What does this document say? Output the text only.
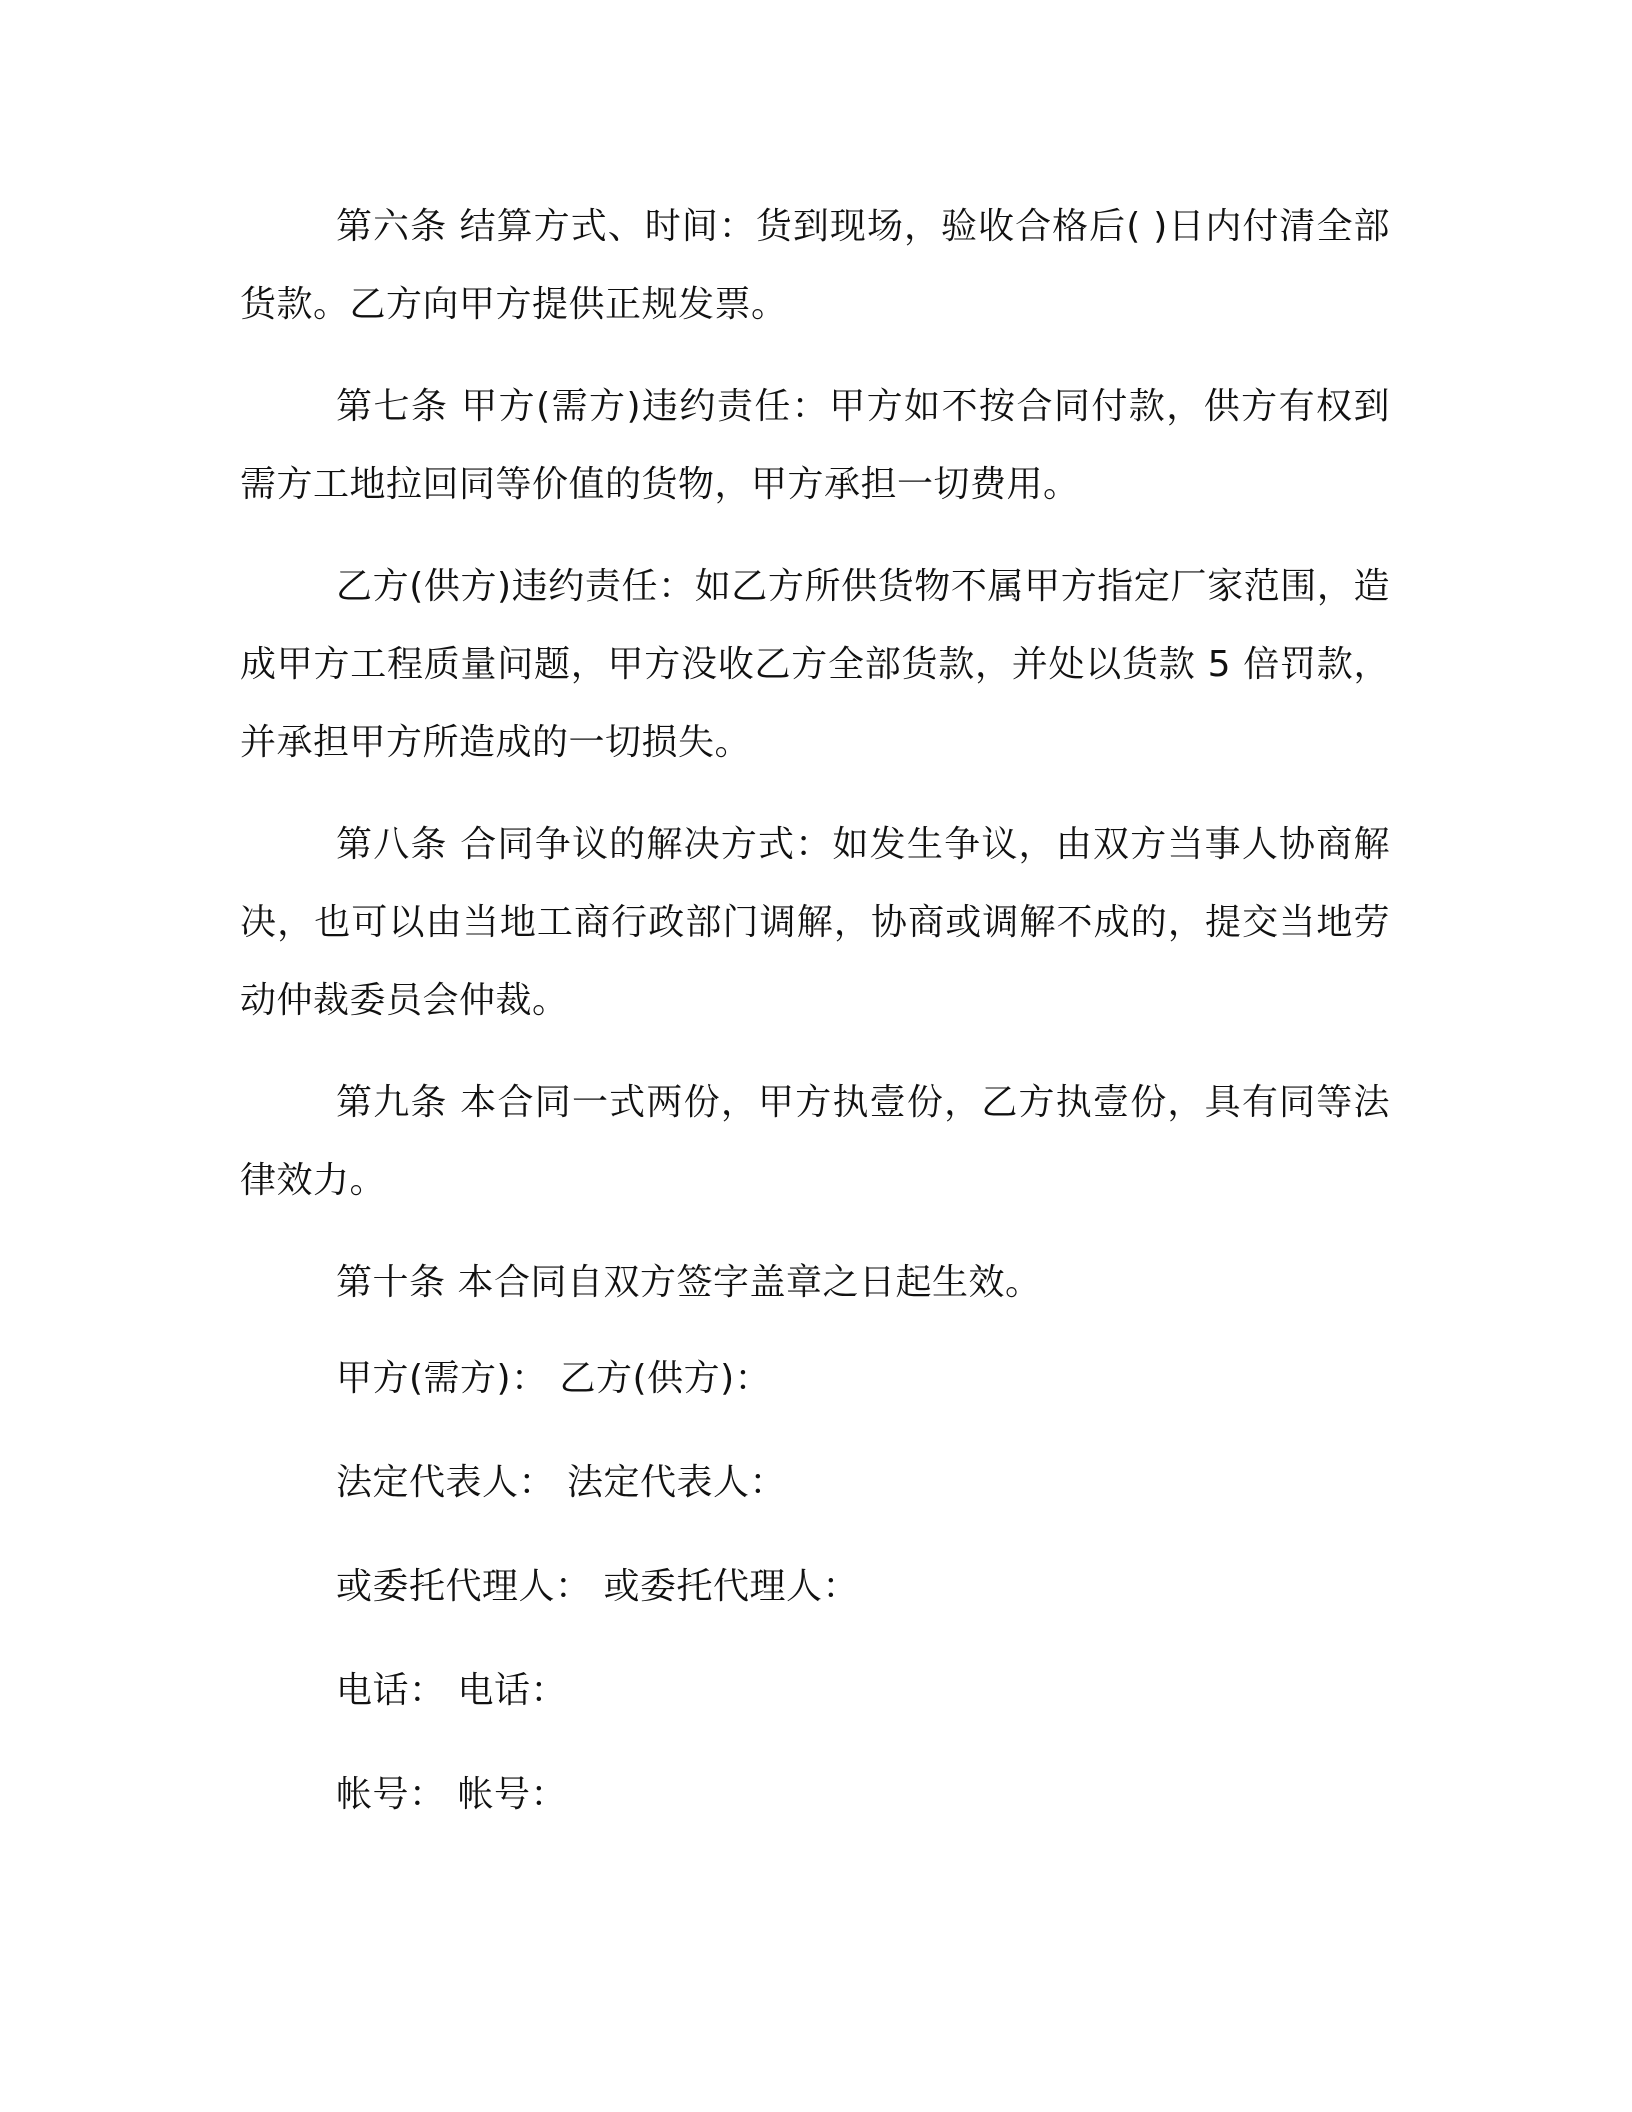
第六条 结算方式、时间：货到现场，验收合格后( )日内付清全部货款。乙方向甲方提供正规发票。

第七条 甲方(需方)违约责任：甲方如不按合同付款，供方有权到需方工地拉回同等价值的货物，甲方承担一切费用。

乙方(供方)违约责任：如乙方所供货物不属甲方指定厂家范围，造成甲方工程质量问题，甲方没收乙方全部货款，并处以货款 5 倍罚款，并承担甲方所造成的一切损失。

第八条 合同争议的解决方式：如发生争议，由双方当事人协商解决，也可以由当地工商行政部门调解，协商或调解不成的，提交当地劳动仲裁委员会仲裁。

第九条 本合同一式两份，甲方执壹份，乙方执壹份，具有同等法律效力。

第十条 本合同自双方签字盖章之日起生效。

甲方(需方)： 乙方(供方)：

法定代表人： 法定代表人：

或委托代理人： 或委托代理人：

电话： 电话：

帐号： 帐号：
